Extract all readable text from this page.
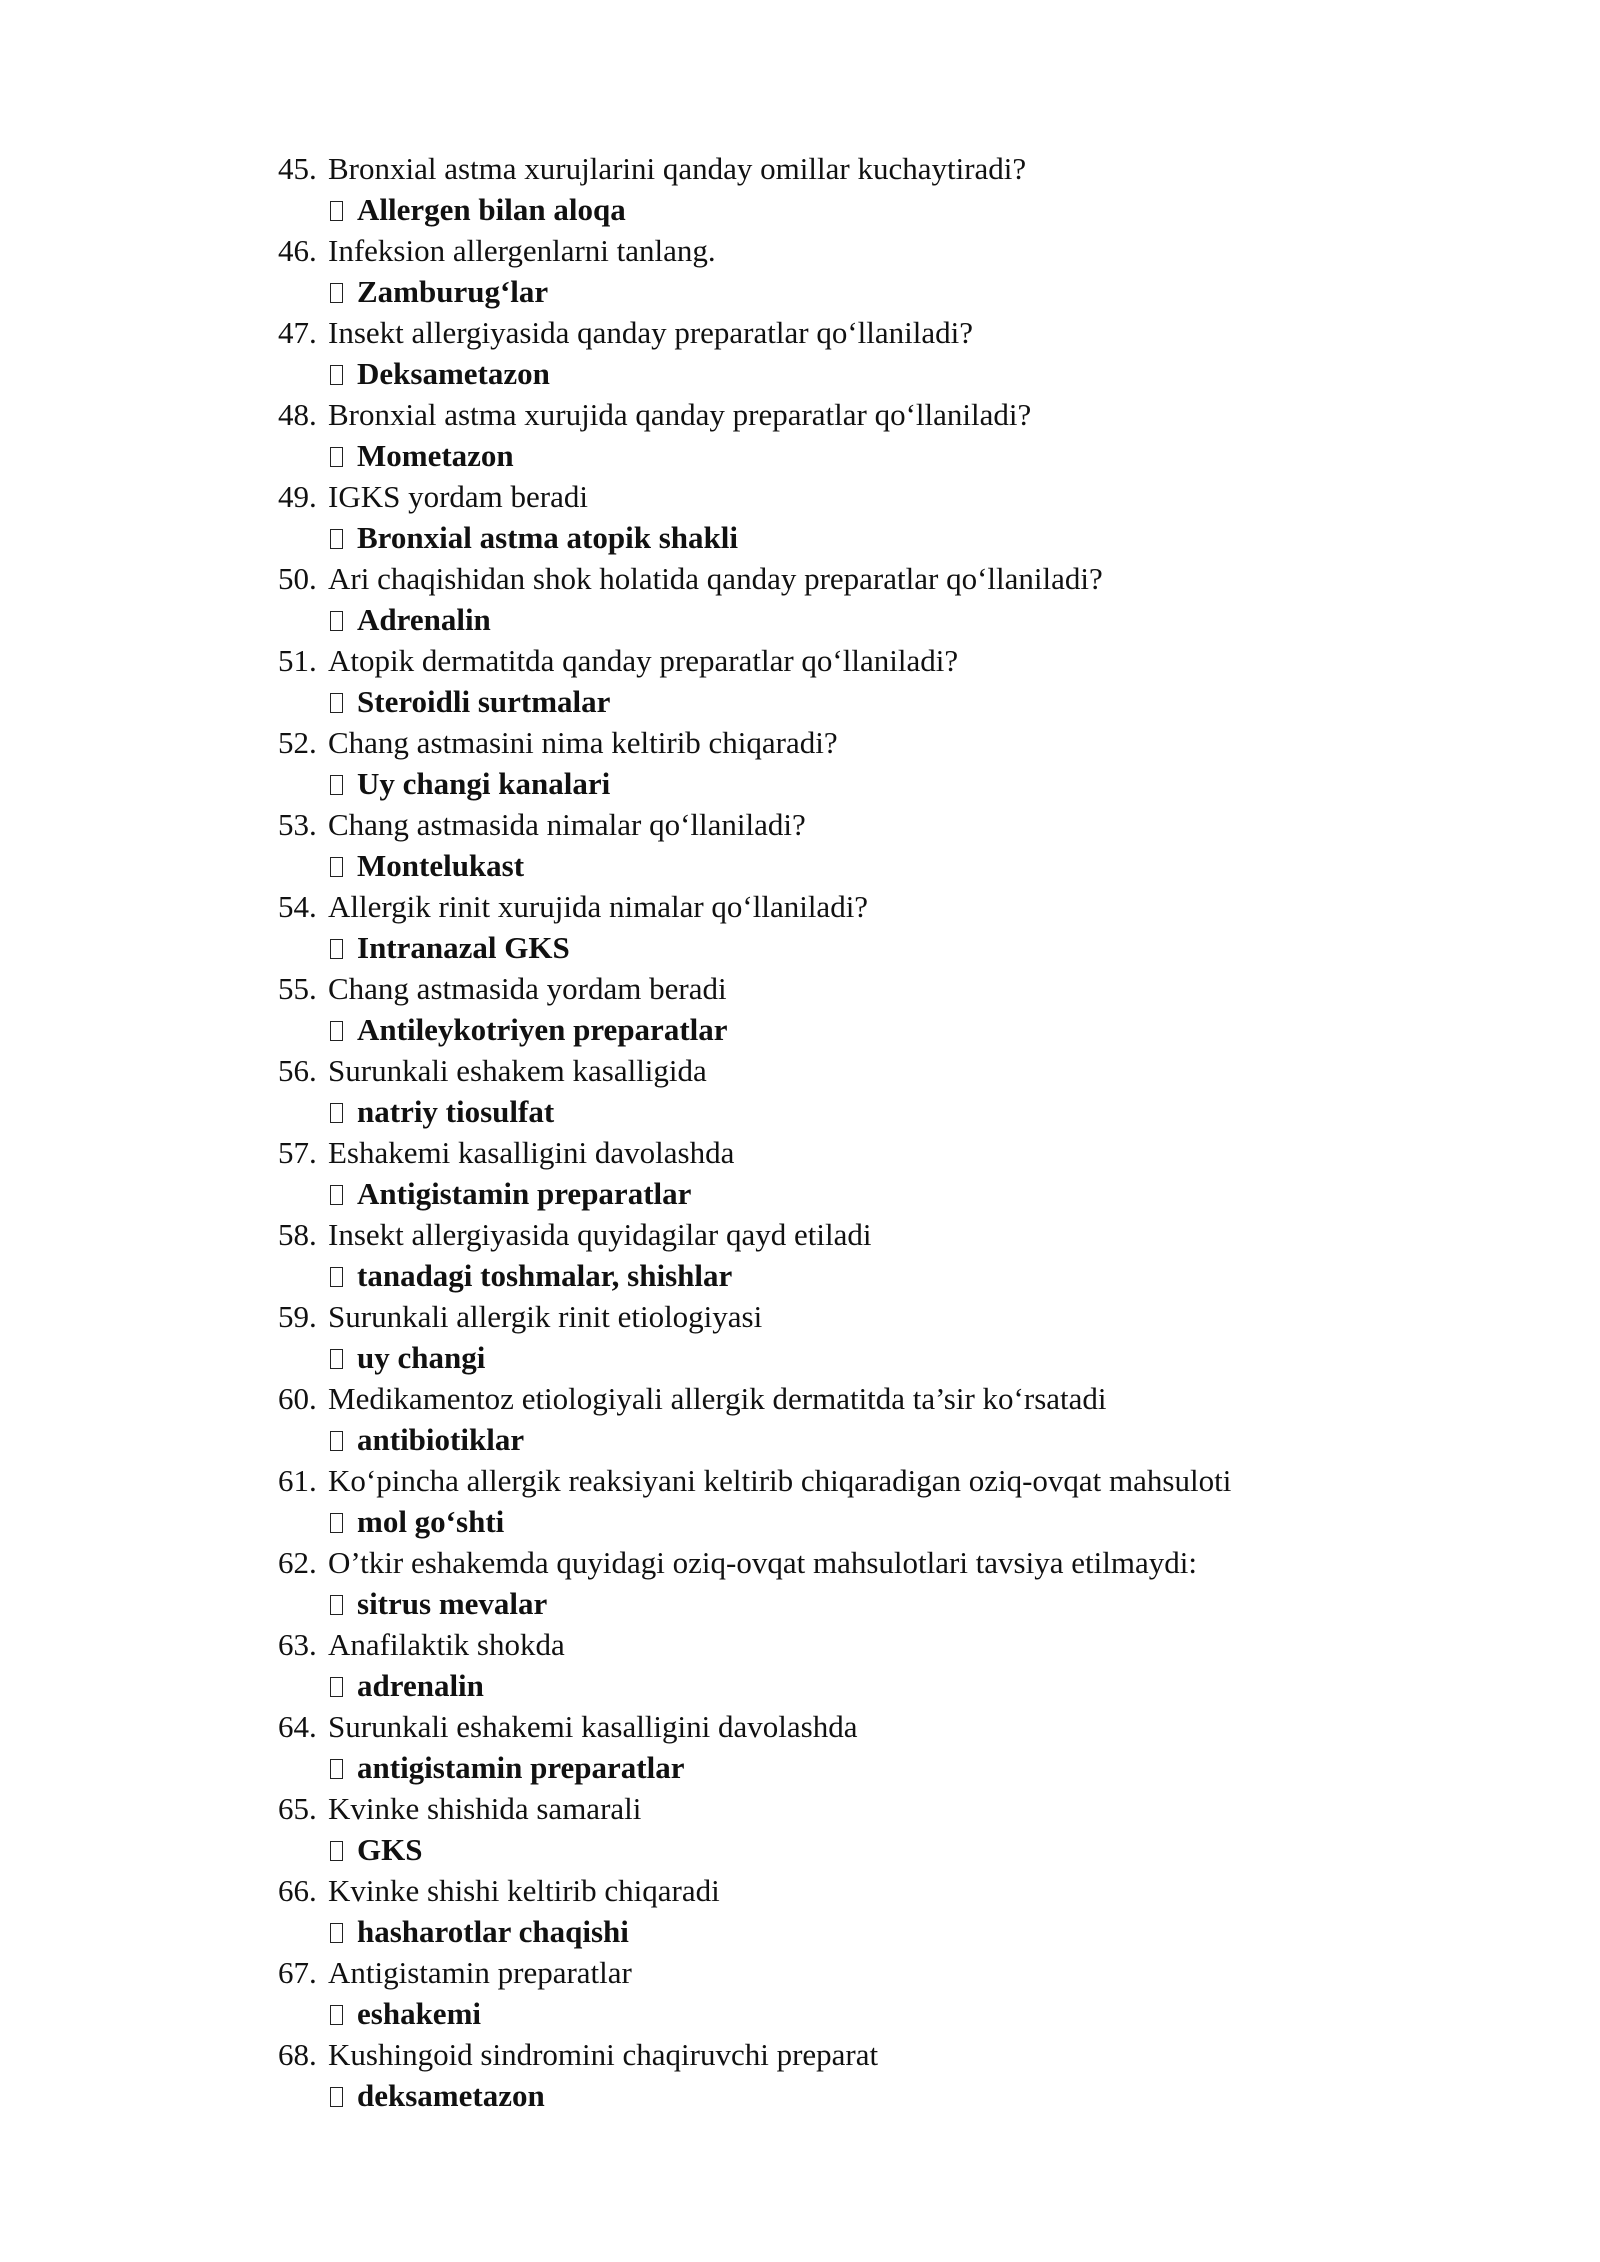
45. Bronxial astma xurujlarini qanday omillar kuchaytiradi?
Allergen bilan aloqa
46. Infeksion allergenlarni tanlang.
Zamburug‘lar
47. Insekt allergiyasida qanday preparatlar qo‘llaniladi?
Deksametazon
48. Bronxial astma xurujida qanday preparatlar qo‘llaniladi?
Mometazon
49. IGKS yordam beradi
Bronxial astma atopik shakli
50. Ari chaqishidan shok holatida qanday preparatlar qo‘llaniladi?
Adrenalin
51. Atopik dermatitda qanday preparatlar qo‘llaniladi?
Steroidli surtmalar
52. Chang astmasini nima keltirib chiqaradi?
Uy changi kanalari
53. Chang astmasida nimalar qo‘llaniladi?
Montelukast
54. Allergik rinit xurujida nimalar qo‘llaniladi?
Intranazal GKS
55. Chang astmasida yordam beradi
Antileykotriyen preparatlar
56. Surunkali eshakem kasalligida
natriy tiosulfat
57. Eshakemi kasalligini davolashda
Antigistamin preparatlar
58. Insekt allergiyasida quyidagilar qayd etiladi
tanadagi toshmalar, shishlar
59. Surunkali allergik rinit etiologiyasi
uy changi
60. Medikamentoz etiologiyali allergik dermatitda ta’sir ko‘rsatadi
antibiotiklar
61. Ko‘pincha allergik reaksiyani keltirib chiqaradigan oziq-ovqat mahsuloti
mol go‘shti
62. O’tkir eshakemda quyidagi oziq-ovqat mahsulotlari tavsiya etilmaydi:
sitrus mevalar
63. Anafilaktik shokda
adrenalin
64. Surunkali eshakemi kasalligini davolashda
antigistamin preparatlar
65. Kvinke shishida samarali
GKS
66. Kvinke shishi keltirib chiqaradi
hasharotlar chaqishi
67. Antigistamin preparatlar
eshakemi
68. Kushingoid sindromini chaqiruvchi preparat
deksametazon
